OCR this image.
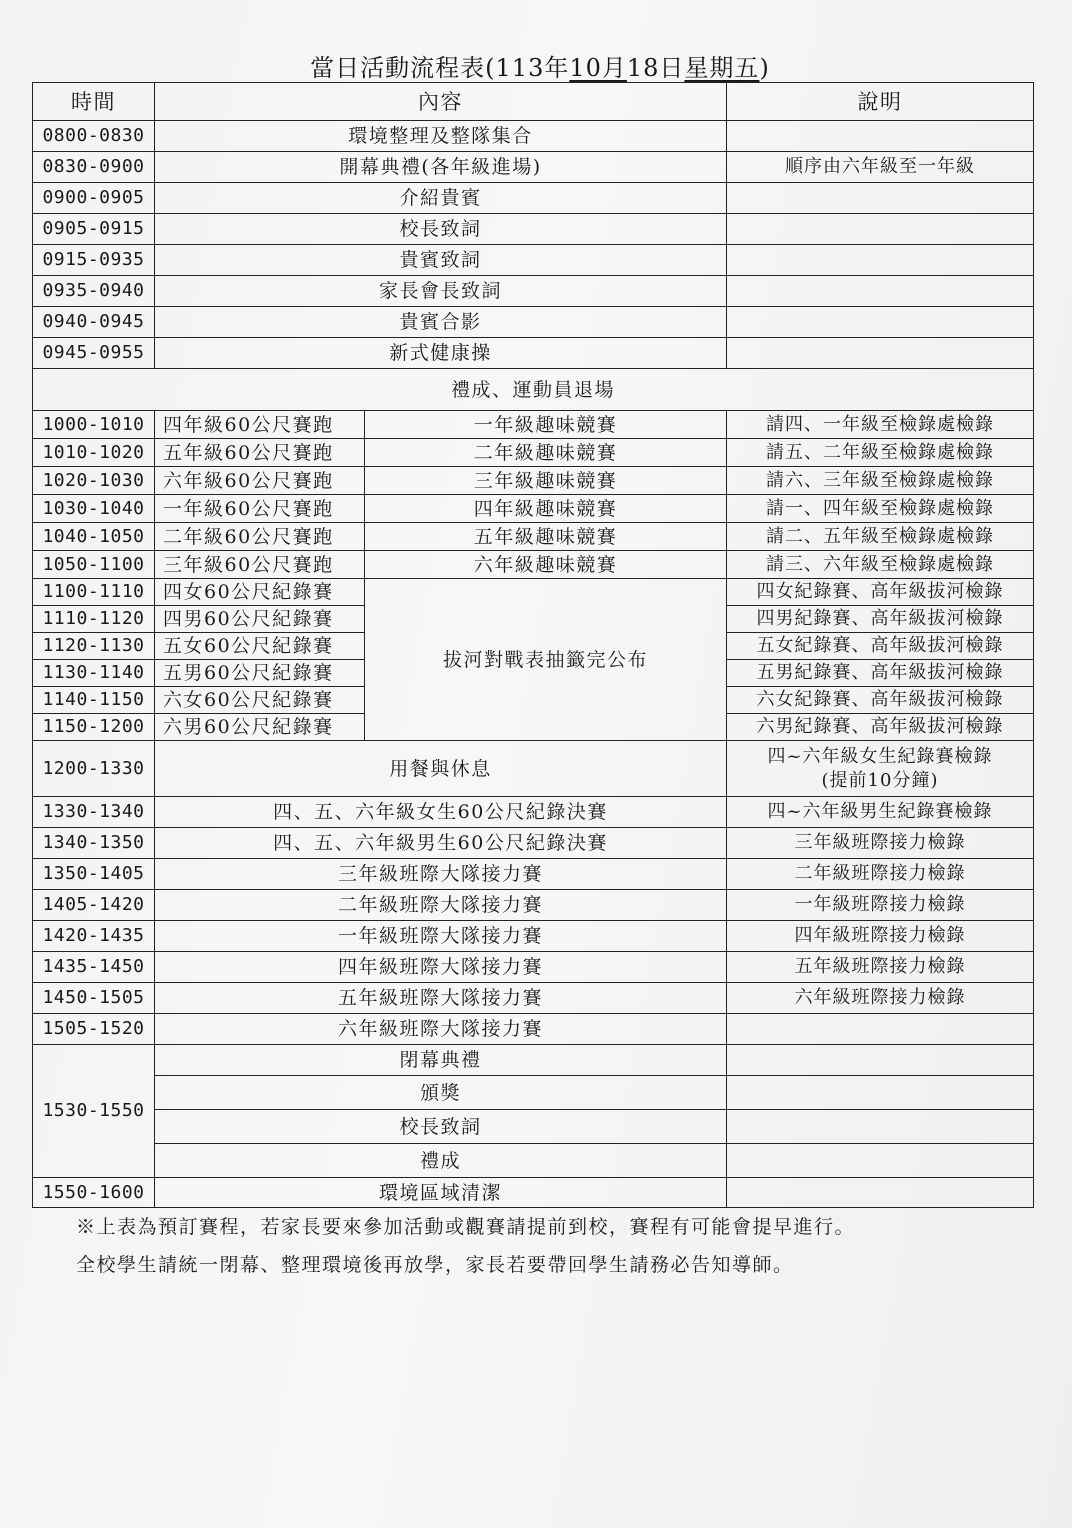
當日活動流程表(113年10月18日星期五)
時間	內容		說明
0800-0830	環境整理及整隊集合		
0830-0900	開幕典禮(各年級進場)		順序由六年級至一年級
0900-0905	介紹貴賓		
0905-0915	校長致詞		
0915-0935	貴賓致詞		
0935-0940	家長會長致詞		
0940-0945	貴賓合影		
0945-0955	新式健康操		
禮成、運動員退場			
1000-1010	四年級60公尺賽跑	一年級趣味競賽	請四、一年級至檢錄處檢錄
1010-1020	五年級60公尺賽跑	二年級趣味競賽	請五、二年級至檢錄處檢錄
1020-1030	六年級60公尺賽跑	三年級趣味競賽	請六、三年級至檢錄處檢錄
1030-1040	一年級60公尺賽跑	四年級趣味競賽	請一、四年級至檢錄處檢錄
1040-1050	二年級60公尺賽跑	五年級趣味競賽	請二、五年級至檢錄處檢錄
1050-1100	三年級60公尺賽跑	六年級趣味競賽	請三、六年級至檢錄處檢錄
1100-1110	四女60公尺紀錄賽	拔河對戰表抽籤完公布	四女紀錄賽、高年級拔河檢錄
1110-1120	四男60公尺紀錄賽		四男紀錄賽、高年級拔河檢錄
1120-1130	五女60公尺紀錄賽		五女紀錄賽、高年級拔河檢錄
1130-1140	五男60公尺紀錄賽		五男紀錄賽、高年級拔河檢錄
1140-1150	六女60公尺紀錄賽		六女紀錄賽、高年級拔河檢錄
1150-1200	六男60公尺紀錄賽		六男紀錄賽、高年級拔河檢錄
1200-1330	用餐與休息		四~六年級女生紀錄賽檢錄
(提前10分鐘)

1330-1340	四、五、六年級女生60公尺紀錄決賽		四~六年級男生紀錄賽檢錄
1340-1350	四、五、六年級男生60公尺紀錄決賽		三年級班際接力檢錄
1350-1405	三年級班際大隊接力賽		二年級班際接力檢錄
1405-1420	二年級班際大隊接力賽		一年級班際接力檢錄
1420-1435	一年級班際大隊接力賽		四年級班際接力檢錄
1435-1450	四年級班際大隊接力賽		五年級班際接力檢錄
1450-1505	五年級班際大隊接力賽		六年級班際接力檢錄
1505-1520	六年級班際大隊接力賽		
1530-1550	閉幕典禮		
	頒獎		
	校長致詞		
	禮成		
1550-1600	環境區域清潔		
※上表為預訂賽程，若家長要來參加活動或觀賽請提前到校，賽程有可能會提早進行。
全校學生請統一閉幕、整理環境後再放學，家長若要帶回學生請務必告知導師。
